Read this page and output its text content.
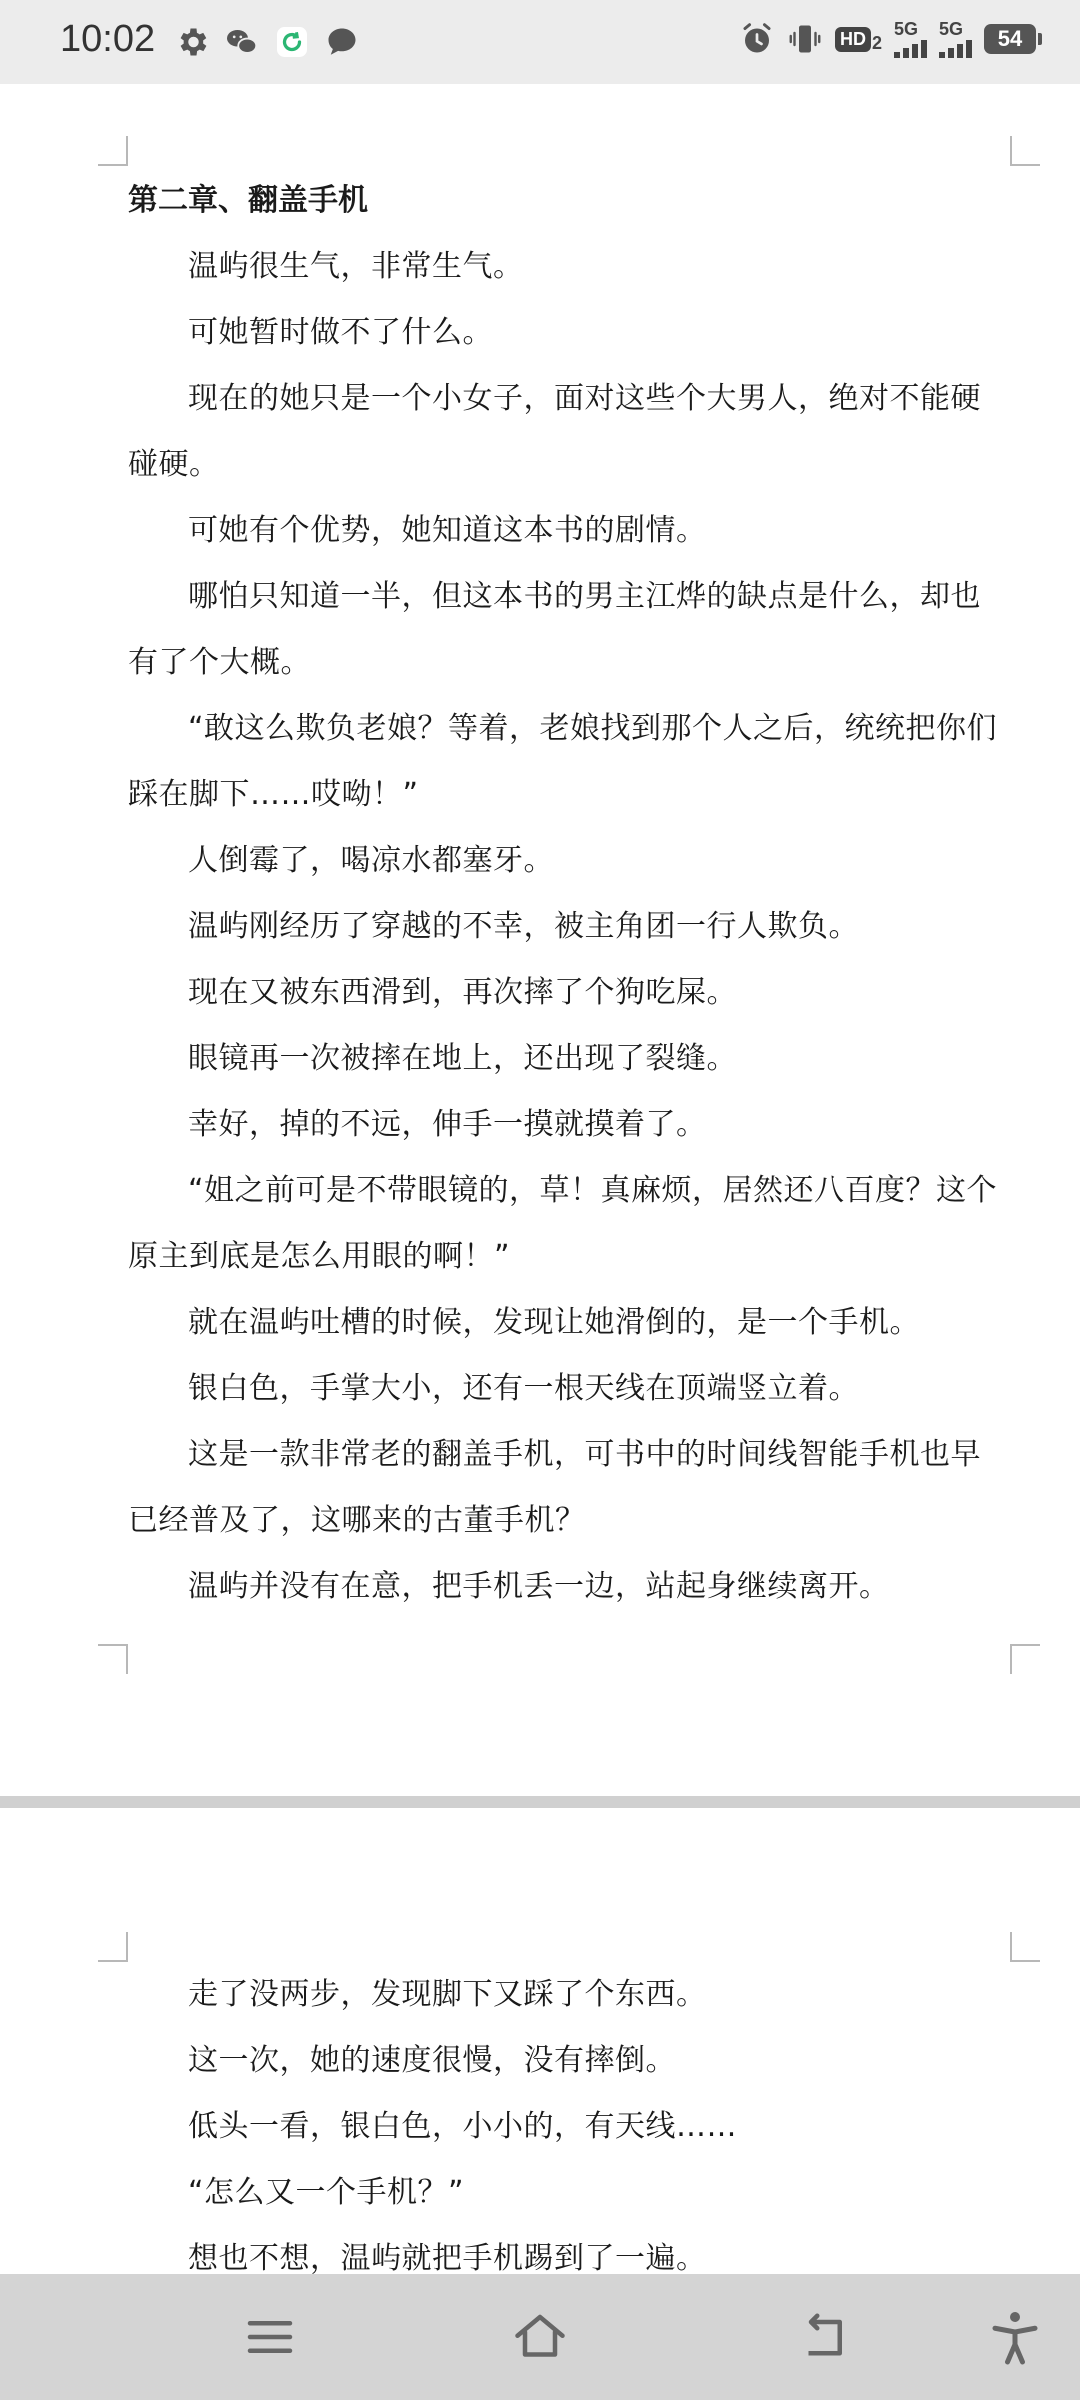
10:02	HD 2
5G 5G	54

第二章、翻盖手机

温屿很生气，非常生气。

可她暂时做不了什么。

现在的她只是一个小女子，面对这些个大男人，绝对不能硬碰硬。

可她有个优势，她知道这本书的剧情。

哪怕只知道一半，但这本书的男主江烨的缺点是什么，却也有了个大概。

“敢这么欺负老娘？等着，老娘找到那个人之后，统统把你们踩在脚下……哎呦！”

人倒霉了，喝凉水都塞牙。

温屿刚经历了穿越的不幸，被主角团一行人欺负。

现在又被东西滑到，再次摔了个狗吃屎。

眼镜再一次被摔在地上，还出现了裂缝。

幸好，掉的不远，伸手一摸就摸着了。

“姐之前可是不带眼镜的，草！真麻烦，居然还八百度？这个原主到底是怎么用眼的啊！”

就在温屿吐槽的时候，发现让她滑倒的，是一个手机。

银白色，手掌大小，还有一根天线在顶端竖立着。

这是一款非常老的翻盖手机，可书中的时间线智能手机也早已经普及了，这哪来的古董手机？

温屿并没有在意，把手机丢一边，站起身继续离开。

走了没两步，发现脚下又踩了个东西。

这一次，她的速度很慢，没有摔倒。

低头一看，银白色，小小的，有天线……

“怎么又一个手机？”

想也不想，温屿就把手机踢到了一遍。
